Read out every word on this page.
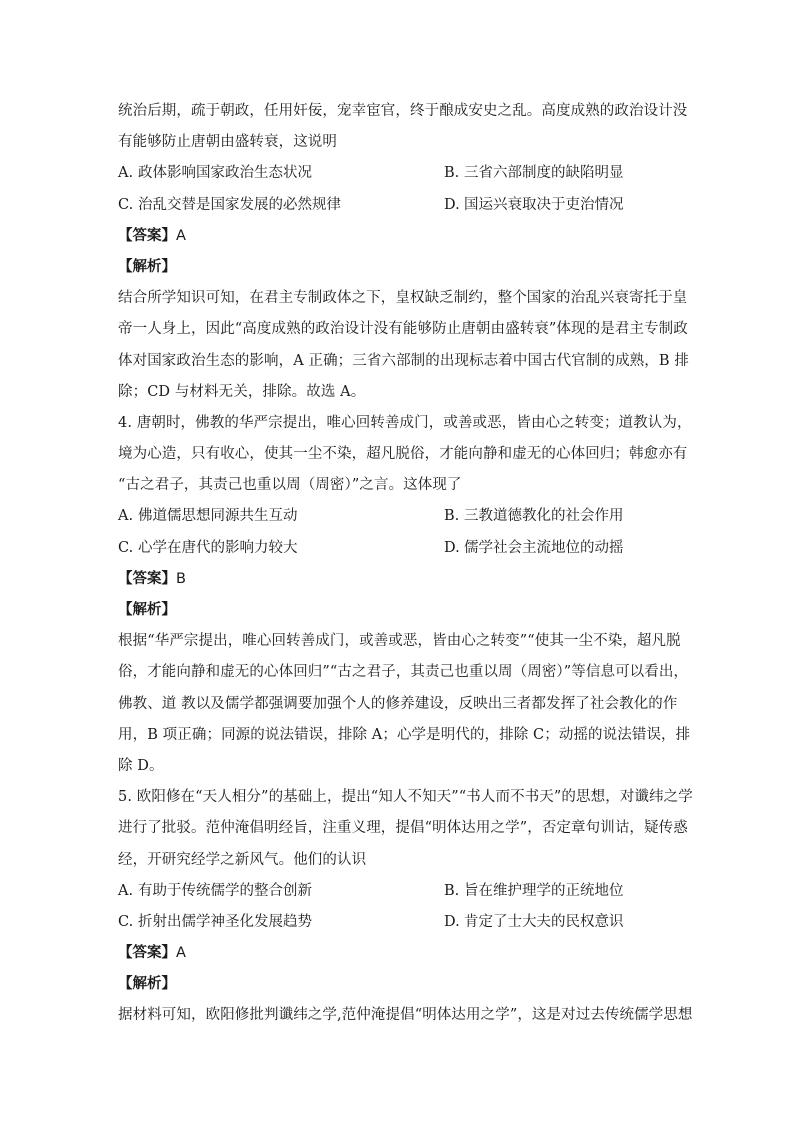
统治后期，疏于朝政，任用奸佞，宠幸宦官，终于酿成安史之乱。高度成熟的政治设计没
有能够防止唐朝由盛转衰，这说明
A. 政体影响国家政治生态状况	B. 三省六部制度的缺陷明显
C. 治乱交替是国家发展的必然规律	D. 国运兴衰取决于吏治情况
【答案】A
【解析】
结合所学知识可知，在君主专制政体之下，皇权缺乏制约，整个国家的治乱兴衰寄托于皇
帝一人身上，因此“高度成熟的政治设计没有能够防止唐朝由盛转衰”体现的是君主专制政
体对国家政治生态的影响，A 正确；三省六部制的出现标志着中国古代官制的成熟，B 排
除；CD 与材料无关，排除。故选 A。
4. 唐朝时，佛教的华严宗提出，唯心回转善成门，或善或恶，皆由心之转变；道教认为，
境为心造，只有收心，使其一尘不染，超凡脱俗，才能向静和虚无的心体回归；韩愈亦有
“古之君子，其责己也重以周（周密）”之言。这体现了
A. 佛道儒思想同源共生互动	B. 三教道德教化的社会作用
C. 心学在唐代的影响力较大	D. 儒学社会主流地位的动摇
【答案】B
【解析】
根据“华严宗提出，唯心回转善成门，或善或恶，皆由心之转变”“使其一尘不染，超凡脱
俗，才能向静和虚无的心体回归”“古之君子，其责己也重以周（周密）”等信息可以看出，
佛教、道 教以及儒学都强调要加强个人的修养建设，反映出三者都发挥了社会教化的作
用，B 项正确；同源的说法错误，排除 A；心学是明代的，排除 C；动摇的说法错误，排
除 D。
5. 欧阳修在“天人相分”的基础上，提出“知人不知天”“书人而不书天”的思想，对谶纬之学
进行了批驳。范仲淹倡明经旨，注重义理，提倡“明体达用之学”，否定章句训诂，疑传惑
经，开研究经学之新风气。他们的认识
A. 有助于传统儒学的整合创新	B. 旨在维护理学的正统地位
C. 折射出儒学神圣化发展趋势	D. 肯定了士大夫的民权意识
【答案】A
【解析】
据材料可知，欧阳修批判谶纬之学,范仲淹提倡“明体达用之学”，这是对过去传统儒学思想
